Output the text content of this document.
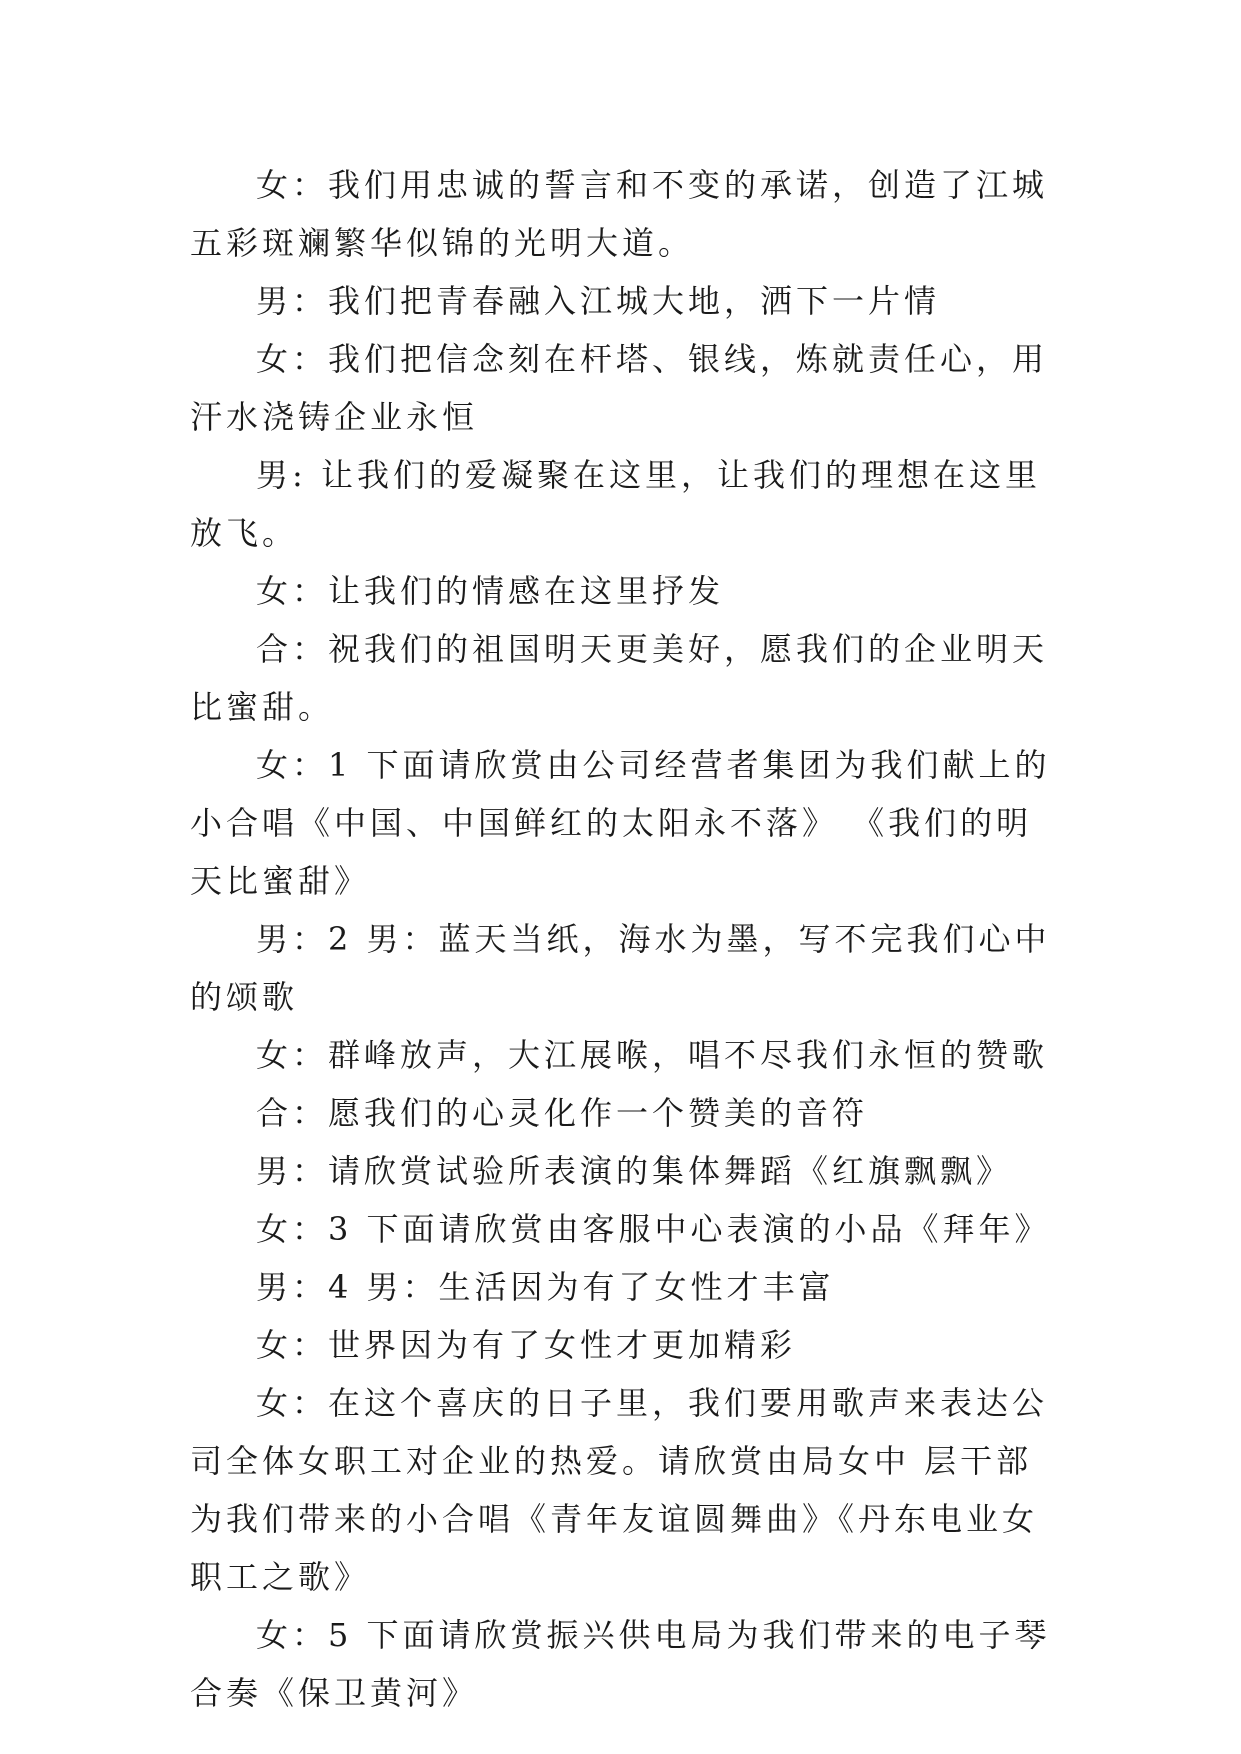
女：我们用忠诚的誓言和不变的承诺，创造了江城五彩斑斓繁华似锦的光明大道。

男：我们把青春融入江城大地，洒下一片情

女：我们把信念刻在杆塔、银线，炼就责任心，用汗水浇铸企业永恒

男: 让我们的爱凝聚在这里，让我们的理想在这里放飞。

女：让我们的情感在这里抒发

合：祝我们的祖国明天更美好，愿我们的企业明天比蜜甜。

女：1 下面请欣赏由公司经营者集团为我们献上的小合唱《中国、中国鲜红的太阳永不落》 《我们的明天比蜜甜》

男：2 男：蓝天当纸，海水为墨，写不完我们心中的颂歌

女：群峰放声，大江展喉，唱不尽我们永恒的赞歌

合：愿我们的心灵化作一个赞美的音符

男：请欣赏试验所表演的集体舞蹈《红旗飘飘》

女：3 下面请欣赏由客服中心表演的小品《拜年》

男：4 男：生活因为有了女性才丰富

女：世界因为有了女性才更加精彩

女：在这个喜庆的日子里，我们要用歌声来表达公司全体女职工对企业的热爱。请欣赏由局女中 层干部为我们带来的小合唱《青年友谊圆舞曲》《丹东电业女职工之歌》

女：5 下面请欣赏振兴供电局为我们带来的电子琴合奏《保卫黄河》
